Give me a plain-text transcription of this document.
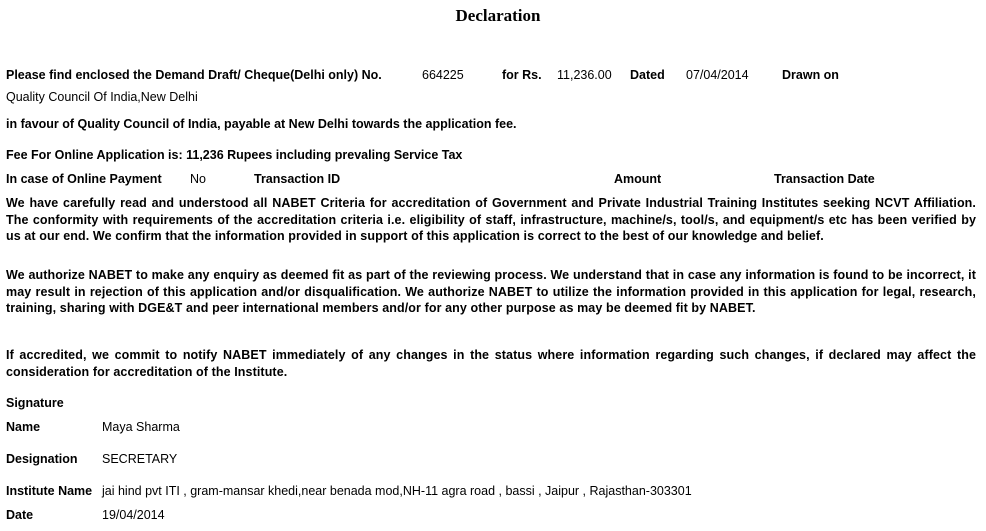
Declaration
Please find enclosed the Demand Draft/ Cheque(Delhi only) No.	664225	for Rs. 11,236.00 Dated 07/04/2014	Drawn on
Quality Council Of India,New Delhi
in favour of Quality Council of India, payable at New Delhi towards the application fee.
Fee For Online Application is: 11,236 Rupees including prevaling Service Tax
In case of Online Payment No	Transaction ID	Amount	Transaction Date
We have carefully read and understood all NABET Criteria for accreditation of Government and Private Industrial Training Institutes seeking NCVT Affiliation. The conformity with requirements of the accreditation criteria i.e. eligibility of staff, infrastructure, machine/s, tool/s, and equipment/s etc has been verified by us at our end. We confirm that the information provided in support of this application is correct to the best of our knowledge and belief.
We authorize NABET to make any enquiry as deemed fit as part of the reviewing process. We understand that in case any information is found to be incorrect, it may result in rejection of this application and/or disqualification. We authorize NABET to utilize the information provided in this application for legal, research, training, sharing with DGE&T and peer international members and/or for any other purpose as may be deemed fit by NABET.
If accredited, we commit to notify NABET immediately of any changes in the status where information regarding such changes, if declared may affect the consideration for accreditation of the Institute.
Signature
Name	Maya Sharma
Designation SECRETARY
Institute Name jai hind pvt ITI , gram-mansar khedi,near benada mod,NH-11 agra road , bassi , Jaipur , Rajasthan-303301
Date	19/04/2014
